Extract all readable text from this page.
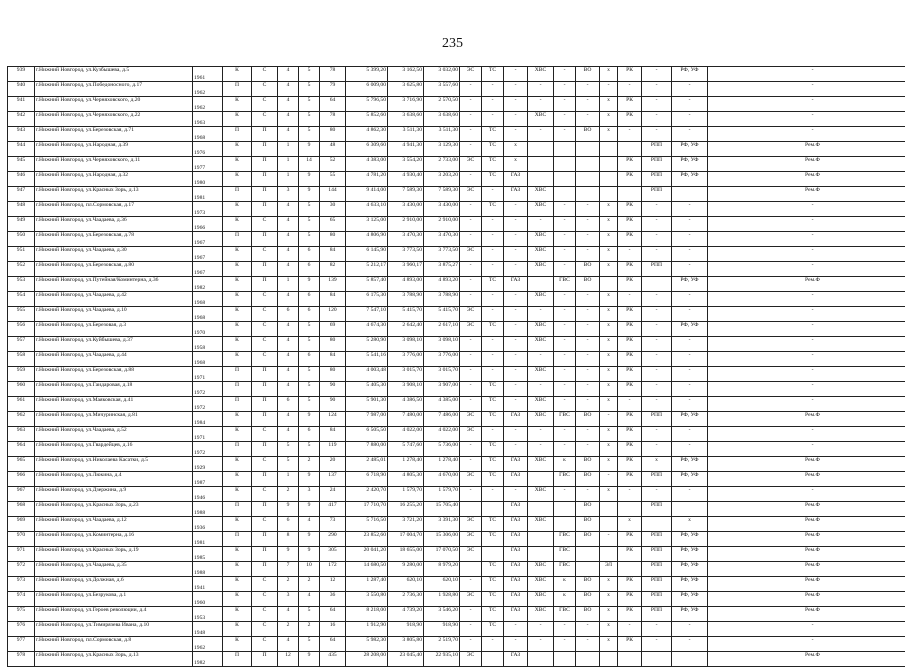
235
939	г.Нижний Новгород, ул.Кузбышева, д.5	1961	К	С	4	5	78	5 399,20	3 162,50	3 032,00	ЭС	ТС	-	ХВС	-	ВО	х	РК	-	РФ, УФ	-
940	г.Нижний Новгород, ул.Победоносного, д.17	1962	П	С	4	5	79	6 009,00	3 625,80	3 557,60	-	-	-	-	-	-	-	-	-	-	-
941	г.Нижний Новгород, ул.Черняховского, д.20	1962	К	С	4	5	64	5 796,50	3 716,90	2 570,50	-	-	-	-	-	-	х	РК	-	-	-
942	г.Нижний Новгород, ул.Черняховского, д.22	1963	К	С	4	5	78	5 852,60	3 638,60	3 638,60	-	-	-	ХВС	-	-	х	РК	-	-	-
943	г.Нижний Новгород, ул.Березовская, д.71	1968	П	П	4	5	80	4 862,30	3 511,30	3 511,30	-	ТС	-	-	-	ВО	х	-	-	-	-
944	г.Нижний Новгород, ул.Народная, д.39	1976	К	П	1	9	48	6 309,60	4 941,30	3 129,30	-	ТС	х						РПП	РФ, УФ	Рем.Ф
945	г.Нижний Новгород, ул.Черняховского, д.11	1977	К	П	1	14	52	4 383,00	3 554,20	2 733,00	ЭС	ТС	х					РК	РПП	РФ, УФ	Рем.Ф
946	г.Нижний Новгород, ул.Народная, д.32	1980	К	П	1	9	55	4 781,20	4 930,40	3 203,20	-	ТС	ГАЗ					РК	РПП	РФ, УФ	Рем.Ф
947	г.Нижний Новгород, ул.Красных Зорь, д.13	1981	П	П	3	9	144	9 414,00	7 589,30	7 589,30	ЭС	-	ГАЗ	ХВС					РПП		Рем.Ф
948	г.Нижний Новгород, пл.Сормовская, д.17	1973	К	П	4	5	30	4 633,10	3 430,00	3 430,00	-	ТС	-	ХВС	-	-	х	РК	-	-	-
949	г.Нижний Новгород, ул.Чаадаева, д.36	1966	К	С	4	5	65	3 125,00	2 910,00	2 910,00	-	-	-	-	-	-	х	РК	-	-	-
950	г.Нижний Новгород, ул.Березовская, д.78	1967	П	П	4	5	80	4 806,90	3 470,30	3 470,30	-	-	-	ХВС	-	-	х	РК	-	-	-
951	г.Нижний Новгород, ул.Чаадаева, д.30	1967	К	С	4	6	84	6 145,90	3 773,50	3 773,50	ЭС	-	-	ХВС	-	-	х	-	-	-	-
952	г.Нижний Новгород, ул.Березовская, д.80	1967	К	П	4	6	82	5 212,17	3 960,17	3 875,27	-	-	-	ХВС	-	ВО	х	РК	РПП	-	-
953	г.Нижний Новгород, ул.Путейная/Коминтерна, д.36	1982	К	П	1	9	139	5 857,40	4 893,00	4 893,20	-	ТС	ГАЗ		ГВС	ВО		РК		РФ, УФ	Рем.Ф
954	г.Нижний Новгород, ул.Чаадаева, д.42	1968	К	С	4	6	84	6 175,30	3 788,90	3 788,90	-	-	-	ХВС	-	-	х	-	-	-	-
955	г.Нижний Новгород, ул.Чаадаева, д.10	1968	К	С	6	6	120	7 547,10	5 415,70	5 415,70	ЭС	-	-	-	-	-	х	РК	-	-	-
956	г.Нижний Новгород, ул.Березовая, д.3	1970	К	С	4	5	69	4 674,30	2 642,40	2 617,10	ЭС	ТС	-	ХВС	-	-	х	РК	-	РФ, УФ	-
957	г.Нижний Новгород, ул.Куйбышева, д.37	1958	К	С	4	5	80	5 280,90	3 098,10	3 098,10	-	-	-	ХВС	-	-	х	РК	-	-	-
958	г.Нижний Новгород, ул.Чаадаева, д.44	1968	К	С	4	6	84	5 541,16	3 776,00	3 776,00	-	-	-	-	-	-	х	РК	-	-	-
959	г.Нижний Новгород, ул.Березовская, д.88	1971	П	П	4	5	80	4 003,48	3 015,70	3 015,70	-	-	-	ХВС	-	-	х	РК	-	-	-
960	г.Нижний Новгород, ул.Гаидаровая, д.18	1972	П	П	4	5	90	5 405,30	3 908,10	3 907,00	-	ТС	-	-	-	-	х	РК	-	-	-
961	г.Нижний Новгород, ул.Маяковская, д.41	1972	П	П	6	5	90	5 901,30	4 386,50	4 385,00	-	ТС	-	ХВС	-	-	х	-	-	-	-
962	г.Нижний Новгород, ул.Мичуринская, д.81	1984	К	П	4	9	124	7 987,00	7 480,00	7 486,00	ЭС	ТС	ГАЗ	ХВС	ГВС	ВО	-	РК	РПП	РФ, УФ	Рем.Ф
963	г.Нижний Новгород, ул.Чаадаева, д.52	1971	К	С	4	6	84	6 505,50	4 022,00	4 022,00	ЭС	-	-	-	-	-	х	РК	-	-	-
964	г.Нижний Новгород, ул.Гвардейцев, д.16	1972	П	П	5	5	119	7 880,00	5 747,60	5 736,00	-	ТС	-	-	-	-	х	РК	-	-	-
965	г.Нижний Новгород, ул.Николаева Касатки, д.5	1929	К	С	5	2	20	2 485,01	1 278,40	1 278,40	-	ТС	ГАЗ	ХВС	к	ВО	х	РК	х	РФ, УФ	Рем.Ф
966	г.Нижний Новгород, ул.Люкина, д.4	1987	К	П	1	9	137	6 718,90	4 805,30	4 670,00	ЭС	ТС	ГАЗ		ГВС	ВО	-	РК	РПП	РФ, УФ	Рем.Ф
967	г.Нижний Новгород, ул.Дзержина, д.9	1946	К	С	2	3	24	2 420,70	1 579,70	1 579,70	-	-	-	ХВС	-	-	х	-	-	-	-
968	г.Нижний Новгород, ул.Красных Зорь, д.23	1988	П	П	9	9	417	17 710,70	16 255,20	15 705,40			ГАЗ			ВО			РПП		Рем.Ф
969	г.Нижний Новгород, ул.Чаадаева, д.12	1936	К	С	6	4	73	5 716,50	3 721,20	3 391,30	ЭС	ТС	ГАЗ	ХВС		ВО		х		х	Рем.Ф
970	г.Нижний Новгород, ул.Коминтерна, д.16	1981	П	П	8	9	290	23 852,60	17 004,70	15 306,00	ЭС	ТС	ГАЗ		ГВС	ВО	-	РК	РПП	РФ, УФ	Рем.Ф
971	г.Нижний Новгород, ул.Красных Зорь, д.19	1985	К	П	9	9	305	20 041,20	18 655,00	17 070,50	ЭС		ГАЗ		ГВС			РК	РПП	РФ, УФ	Рем.Ф
972	г.Нижний Новгород, ул.Чаадаева, д.35	1988	К	П	7	10	172	14 680,50	9 280,00	8 979,20		ТС	ГАЗ	ХВС	ГВС		ЭЛ		РПП	РФ, УФ	Рем.Ф
973	г.Нижний Новгород, ул.Должная, д.6	1941	К	С	2	2	12	1 287,40	620,10	620,10	-	ТС	ГАЗ	ХВС	к	ВО	х	РК	РПП	РФ, УФ	Рем.Ф
974	г.Нижний Новгород, ул.Безрукова, д.1	1960	К	С	3	4	36	3 550,80	2 736,30	1 928,80	ЭС	ТС	ГАЗ	ХВС	к	ВО	х	РК	РПП	РФ, УФ	Рем.Ф
975	г.Нижний Новгород, ул.Героев революции, д.4	1953	К	С	4	5	64	8 218,00	4 739,20	3 546,20	-	ТС	ГАЗ	ХВС	ГВС	ВО	х	РК	РПП	РФ, УФ	Рем.Ф
976	г.Нижний Новгород, ул.Тимирязева Ивана, д.10	1948	К	С	2	2	16	1 912,90	918,90	918,90	-	ТС	-	-	-	-	х	-	-	-	-
977	г.Нижний Новгород, пл.Сормовская, д.8	1962	К	С	4	5	64	5 982,30	3 805,80	2 519,70	-	-	-	-	-	-	х	РК	-	-	-
978	г.Нижний Новгород, ул.Красных Зорь, д.13	1982	П	П	12	9	435	28 208,00	23 045,40	22 935,10	ЭС		ГАЗ								Рем.Ф
